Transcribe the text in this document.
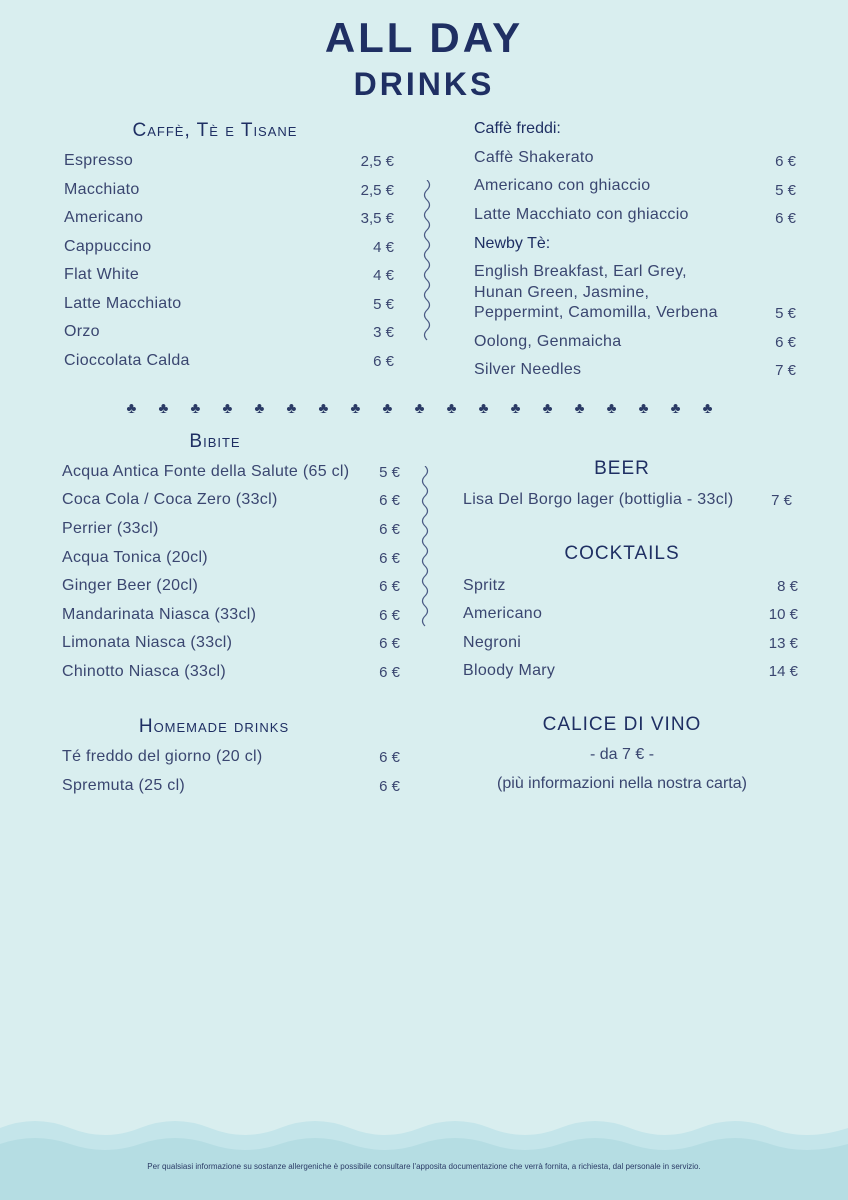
ALL DAY
DRINKS
Caffè, Tè e Tisane
Espresso	2,5 €
Macchiato	2,5 €
Americano	3,5 €
Cappuccino	4 €
Flat White	4 €
Latte Macchiato	5 €
Orzo	3 €
Cioccolata Calda	6 €
Caffè freddi:
Caffè Shakerato	6 €
Americano con ghiaccio	5 €
Latte Macchiato con ghiaccio	6 €
Newby Tè:
English Breakfast, Earl Grey,
Hunan Green, Jasmine,
Peppermint, Camomilla, Verbena	5 €
Oolong, Genmaicha	6 €
Silver Needles	7 €
♣ ♣ ♣ ♣ ♣ ♣ ♣ ♣ ♣ ♣ ♣ ♣ ♣ ♣ ♣ ♣ ♣ ♣ ♣
Bibite
Acqua Antica Fonte della Salute (65 cl)	5 €
Coca Cola / Coca Zero (33cl)	6 €
Perrier (33cl)	6 €
Acqua Tonica (20cl)	6 €
Ginger Beer (20cl)	6 €
Mandarinata Niasca (33cl)	6 €
Limonata Niasca (33cl)	6 €
Chinotto Niasca (33cl)	6 €
BEER
Lisa Del Borgo lager (bottiglia - 33cl)	7 €
COCKTAILS
Spritz	8 €
Americano	10 €
Negroni	13 €
Bloody Mary	14 €
Homemade drinks
Té freddo del giorno (20 cl)	6 €
Spremuta (25 cl)	6 €
CALICE DI VINO
- da 7 € -
(più informazioni nella nostra carta)
Per qualsiasi informazione su sostanze allergeniche è possibile consultare l'apposita documentazione che verrà fornita, a richiesta, dal personale in servizio.
